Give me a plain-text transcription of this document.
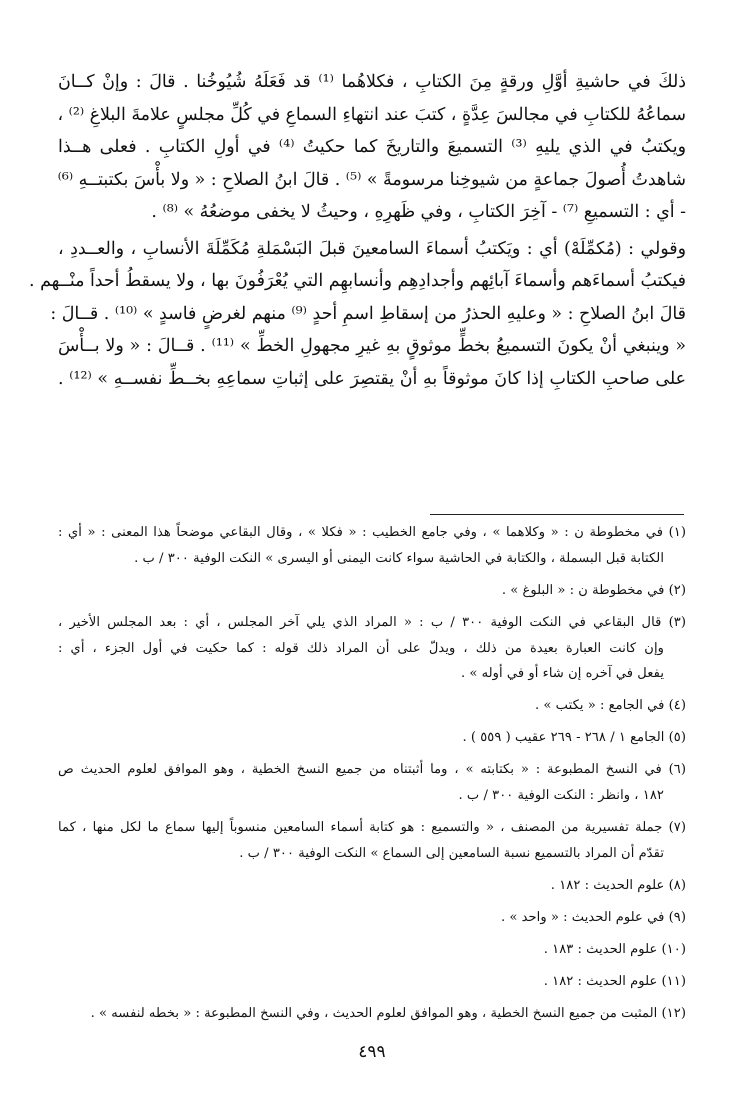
ذلكَ في حاشيةِ أوَّلِ ورقةٍ مِنَ الكتابِ ، فكلاهُما ⁽¹⁾ قد فَعَلَهُ شُيُوخُنا . قالَ : وإنْ كــانَ
سماعُهُ للكتابِ في مجالسَ عِدَّةٍ ، كتبَ عند انتهاءِ السماعِ في كُلِّ مجلسٍ علامةَ البلاغِ ⁽²⁾ ،
ويكتبُ في الذي يليهِ ⁽³⁾ التسميعَ والتاريخَ كما حكيتُ ⁽⁴⁾ في أولِ الكتابِ . فعلى هــذا
شاهدتُ أُصولَ جماعةٍ من شيوخِنا مرسومةً » ⁽⁵⁾ . قالَ ابنُ الصلاحِ : « ولا بأْسَ بكتبتــهِ ⁽⁶⁾
- أي : التسميعِ ⁽⁷⁾ - آخِرَ الكتابِ ، وفي ظَهرِهِ ، وحيثُ لا يخفى موضعُهُ » ⁽⁸⁾ .
وقولي : (مُكمِّلَهْ) أي : ويَكتبُ أسماءَ السامعينَ قبلَ البَسْمَلةِ مُكَمِّلَةَ الأنسابِ ، والعــددِ ،
فيكتبُ أسماءَهم وأسماءَ آبائِهم وأجدادِهِم وأنسابهِم التي يُعْرَفُونَ بها ، ولا يسقطُ أحداً منْــهم .
قالَ ابنُ الصلاحِ : « وعليهِ الحذرُ من إسقاطِ اسمِ أحدٍ ⁽⁹⁾ منهم لغرضٍ فاسدٍ » ⁽¹⁰⁾ . قــالَ :
« وينبغي أنْ يكونَ التسميعُ بخطٍّ موثوقٍ بهِ غيرِ مجهولِ الخطِّ » ⁽¹¹⁾ . قــالَ : « ولا بــأْسَ
على صاحبِ الكتابِ إذا كانَ موثوقاً بهِ أنْ يقتصِرَ على إثباتِ سماعِهِ بخــطِّ نفســهِ » ⁽¹²⁾ .
(١) في مخطوطة ن : « وكلاهما » ، وفي جامع الخطيب : « فكلا » ، وقال البقاعي موضحاً هذا المعنى : « أي :
الكتابة قبل البسملة ، والكتابة في الحاشية سواء كانت اليمنى أو اليسرى » النكت الوفية ٣٠٠ / ب .
(٢) في مخطوطة ن : « البلوغ » .
(٣) قال البقاعي في النكت الوفية ٣٠٠ / ب : « المراد الذي يلي آخر المجلس ، أي : بعد المجلس الأخير ،
وإن كانت العبارة بعيدة من ذلك ، ويدلّ على أن المراد ذلك قوله : كما حكيت في أول الجزء ، أي :
يفعل في آخره إن شاء أو في أوله » .
(٤) في الجامع : « يكتب » .
(٥) الجامع ١ / ٢٦٨ - ٢٦٩ عقيب ( ٥٥٩ ) .
(٦) في النسخ المطبوعة : « بكتابته » ، وما أثبتناه من جميع النسخ الخطية ، وهو الموافق لعلوم الحديث ص
١٨٢ ، وانظر : النكت الوفية ٣٠٠ / ب .
(٧) جملة تفسيرية من المصنف ، « والتسميع : هو كتابة أسماء السامعين منسوباً إليها سماع ما لكل منها ، كما
تقدّم أن المراد بالتسميع نسبة السامعين إلى السماع » النكت الوفية ٣٠٠ / ب .
(٨) علوم الحديث : ١٨٢ .
(٩) في علوم الحديث : « واحد » .
(١٠) علوم الحديث : ١٨٣ .
(١١) علوم الحديث : ١٨٢ .
(١٢) المثبت من جميع النسخ الخطية ، وهو الموافق لعلوم الحديث ، وفي النسخ المطبوعة : « بخطه لنفسه » .
٤٩٩
